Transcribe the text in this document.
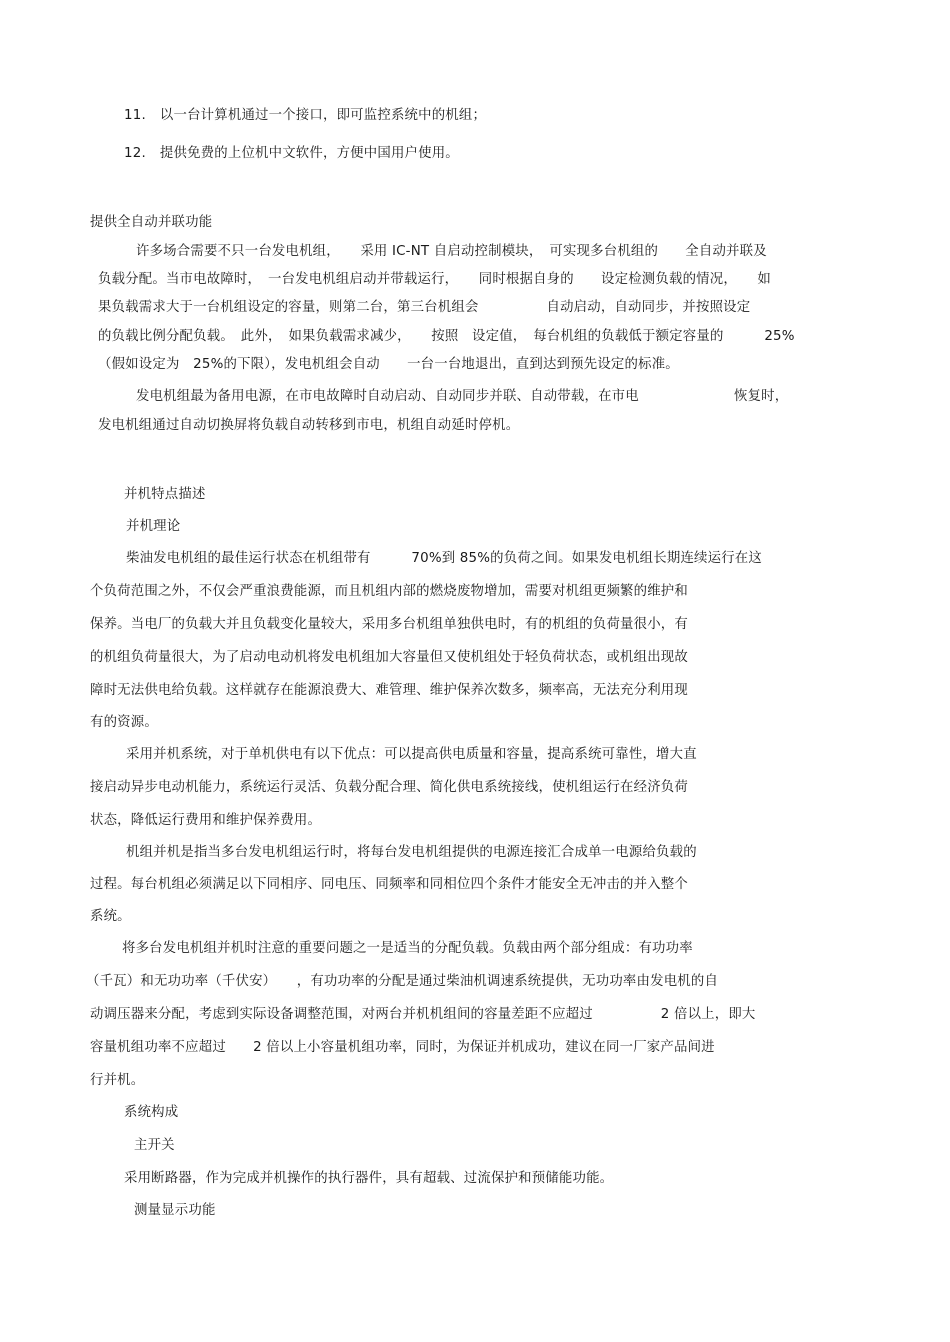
11. 以一台计算机通过一个接口，即可监控系统中的机组；
12. 提供免费的上位机中文软件，方便中国用户使用。
提供全自动并联功能
许多场合需要不只一台发电机组，　　采用 IC-NT 自启动控制模块，　可实现多台机组的　　全自动并联及
负载分配。当市电故障时，　一台发电机组启动并带载运行，　　同时根据自身的　　设定检测负载的情况，　　如
果负载需求大于一台机组设定的容量，则第二台，第三台机组会　　　　　自动启动，自动同步，并按照设定
的负载比例分配负载。　此外，　如果负载需求减少，　　按照　设定值，　每台机组的负载低于额定容量的　　　25%
（假如设定为　25%的下限），发电机组会自动　　一台一台地退出，直到达到预先设定的标准。
发电机组最为备用电源，在市电故障时自动启动、自动同步并联、自动带载，在市电　　　　　　　恢复时，
发电机组通过自动切换屏将负载自动转移到市电，机组自动延时停机。
并机特点描述
并机理论
柴油发电机组的最佳运行状态在机组带有　　　70%到 85%的负荷之间。如果发电机组长期连续运行在这
个负荷范围之外，不仅会严重浪费能源，而且机组内部的燃烧废物增加，需要对机组更频繁的维护和
保养。当电厂的负载大并且负载变化量较大，采用多台机组单独供电时，有的机组的负荷量很小，有
的机组负荷量很大，为了启动电动机将发电机组加大容量但又使机组处于轻负荷状态，或机组出现故
障时无法供电给负载。这样就存在能源浪费大、难管理、维护保养次数多，频率高，无法充分利用现
有的资源。
采用并机系统，对于单机供电有以下优点：可以提高供电质量和容量，提高系统可靠性，增大直
接启动异步电动机能力，系统运行灵活、负载分配合理、简化供电系统接线，使机组运行在经济负荷
状态，降低运行费用和维护保养费用。
机组并机是指当多台发电机组运行时，将每台发电机组提供的电源连接汇合成单一电源给负载的
过程。每台机组必须满足以下同相序、同电压、同频率和同相位四个条件才能安全无冲击的并入整个
系统。
将多台发电机组并机时注意的重要问题之一是适当的分配负载。负载由两个部分组成：有功功率
（千瓦）和无功功率（千伏安）　　，有功功率的分配是通过柴油机调速系统提供，无功功率由发电机的自
动调压器来分配，考虑到实际设备调整范围，对两台并机机组间的容量差距不应超过　　　　　2 倍以上，即大
容量机组功率不应超过　　2 倍以上小容量机组功率，同时，为保证并机成功，建议在同一厂家产品间进
行并机。
系统构成
主开关
采用断路器，作为完成并机操作的执行器件，具有超载、过流保护和预储能功能。
测量显示功能
